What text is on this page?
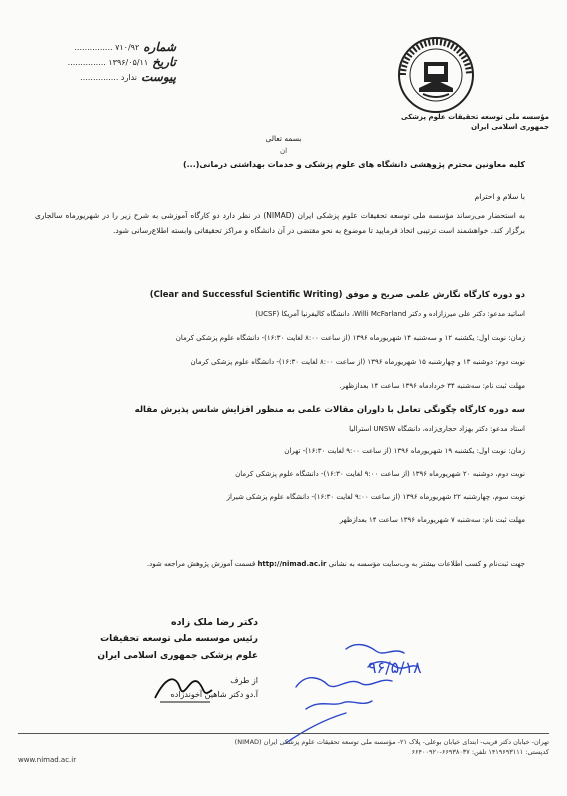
شماره
۷۱۰/۹۲ ...............
تاریخ
۱۳۹۶/۰۵/۱۱ ...............
پیوست
ندارد ...............
مؤسسه ملی توسعه تحقیقات علوم پزشکی
جمهوری اسلامی ایران
بسمه تعالی
ان
کلیه معاونین محترم پژوهشی دانشگاه های علوم پزشکی و خدمات بهداشتی درمانی(...)
با سلام و احترام
به استحضار می‌رساند مؤسسه ملی توسعه تحقیقات علوم پزشکی ایران (NIMAD) در نظر دارد دو کارگاه آموزشی به شرح زیر را در شهریورماه سالجاری برگزار کند. خواهشمند است ترتیبی اتخاذ فرمایید تا موضوع به نحو مقتضی در آن دانشگاه و مراکز تحقیقاتی وابسته اطلاع‌رسانی شود.
دو دوره کارگاه نگارش علمی صریح و موفق (Clear and Successful Scientific Writing)
اساتید مدعو: دکتر علی میرزازاده و دکتر Willi McFarland، دانشگاه کالیفرنیا آمریکا (UCSF)
زمان: نوبت اول: یکشنبه ۱۲ و سه‌شنبه ۱۴ شهریورماه ۱۳۹۶ (از ساعت ۸:۰۰ لغایت ۱۶:۳۰)- دانشگاه علوم پزشکی کرمان
نوبت دوم: دوشنبه ۱۳ و چهارشنبه ۱۵ شهریورماه ۱۳۹۶ (از ساعت ۸:۰۰ لغایت ۱۶:۳۰)- دانشگاه علوم پزشکی کرمان
مهلت ثبت نام: سه‌شنبه ۳۴ خردادماه ۱۳۹۶ ساعت ۱۴ بعدازظهر.
سه دوره کارگاه چگونگی تعامل با داوران مقالات علمی به منظور افزایش شانس پذیرش مقاله
استاد مدعو: دکتر بهزاد حجاری‌زاده، دانشگاه UNSW استرالیا
زمان: نوبت اول: یکشنبه ۱۹ شهریورماه ۱۳۹۶ (از ساعت ۹:۰۰ لغایت ۱۶:۳۰)- تهران
نوبت دوم، دوشنبه ۲۰ شهریورماه ۱۳۹۶ (از ساعت ۹:۰۰ لغایت ۱۶:۳۰)- دانشگاه علوم پزشکی کرمان
نوبت سوم، چهارشنبه ۲۲ شهریورماه ۱۳۹۶ (از ساعت ۹:۰۰ لغایت ۱۶:۳۰)- دانشگاه علوم پزشکی شیراز
مهلت ثبت نام: سه‌شنبه ۷ شهریورماه ۱۳۹۶ ساعت ۱۴ بعدازظهر
جهت ثبت‌نام و کسب اطلاعات بیشتر به وب‌سایت مؤسسه به نشانی http://nimad.ac.ir قسمت آموزش پژوهش مراجعه شود.
دکتر رضا ملک زاده
رئیس موسسه ملی توسعه تحقیقات
علوم پزشکی جمهوری اسلامی ایران
از طرف
آ.دو دکتر شاهین آخوندزاده
۹۶/۵/۱۸
تهران- خیابان دکتر قریب- ابتدای خیابان بوعلی- پلاک ۲۱- مؤسسه ملی توسعه تحقیقات علوم پزشکی ایران (NIMAD)
کدپستی: ۱۴۱۹۶۹۳۱۱۱ تلفن: ۶۶۹۳۸۰۳۷-۶۶۴۰۰۹۲۰
www.nimad.ac.ir
